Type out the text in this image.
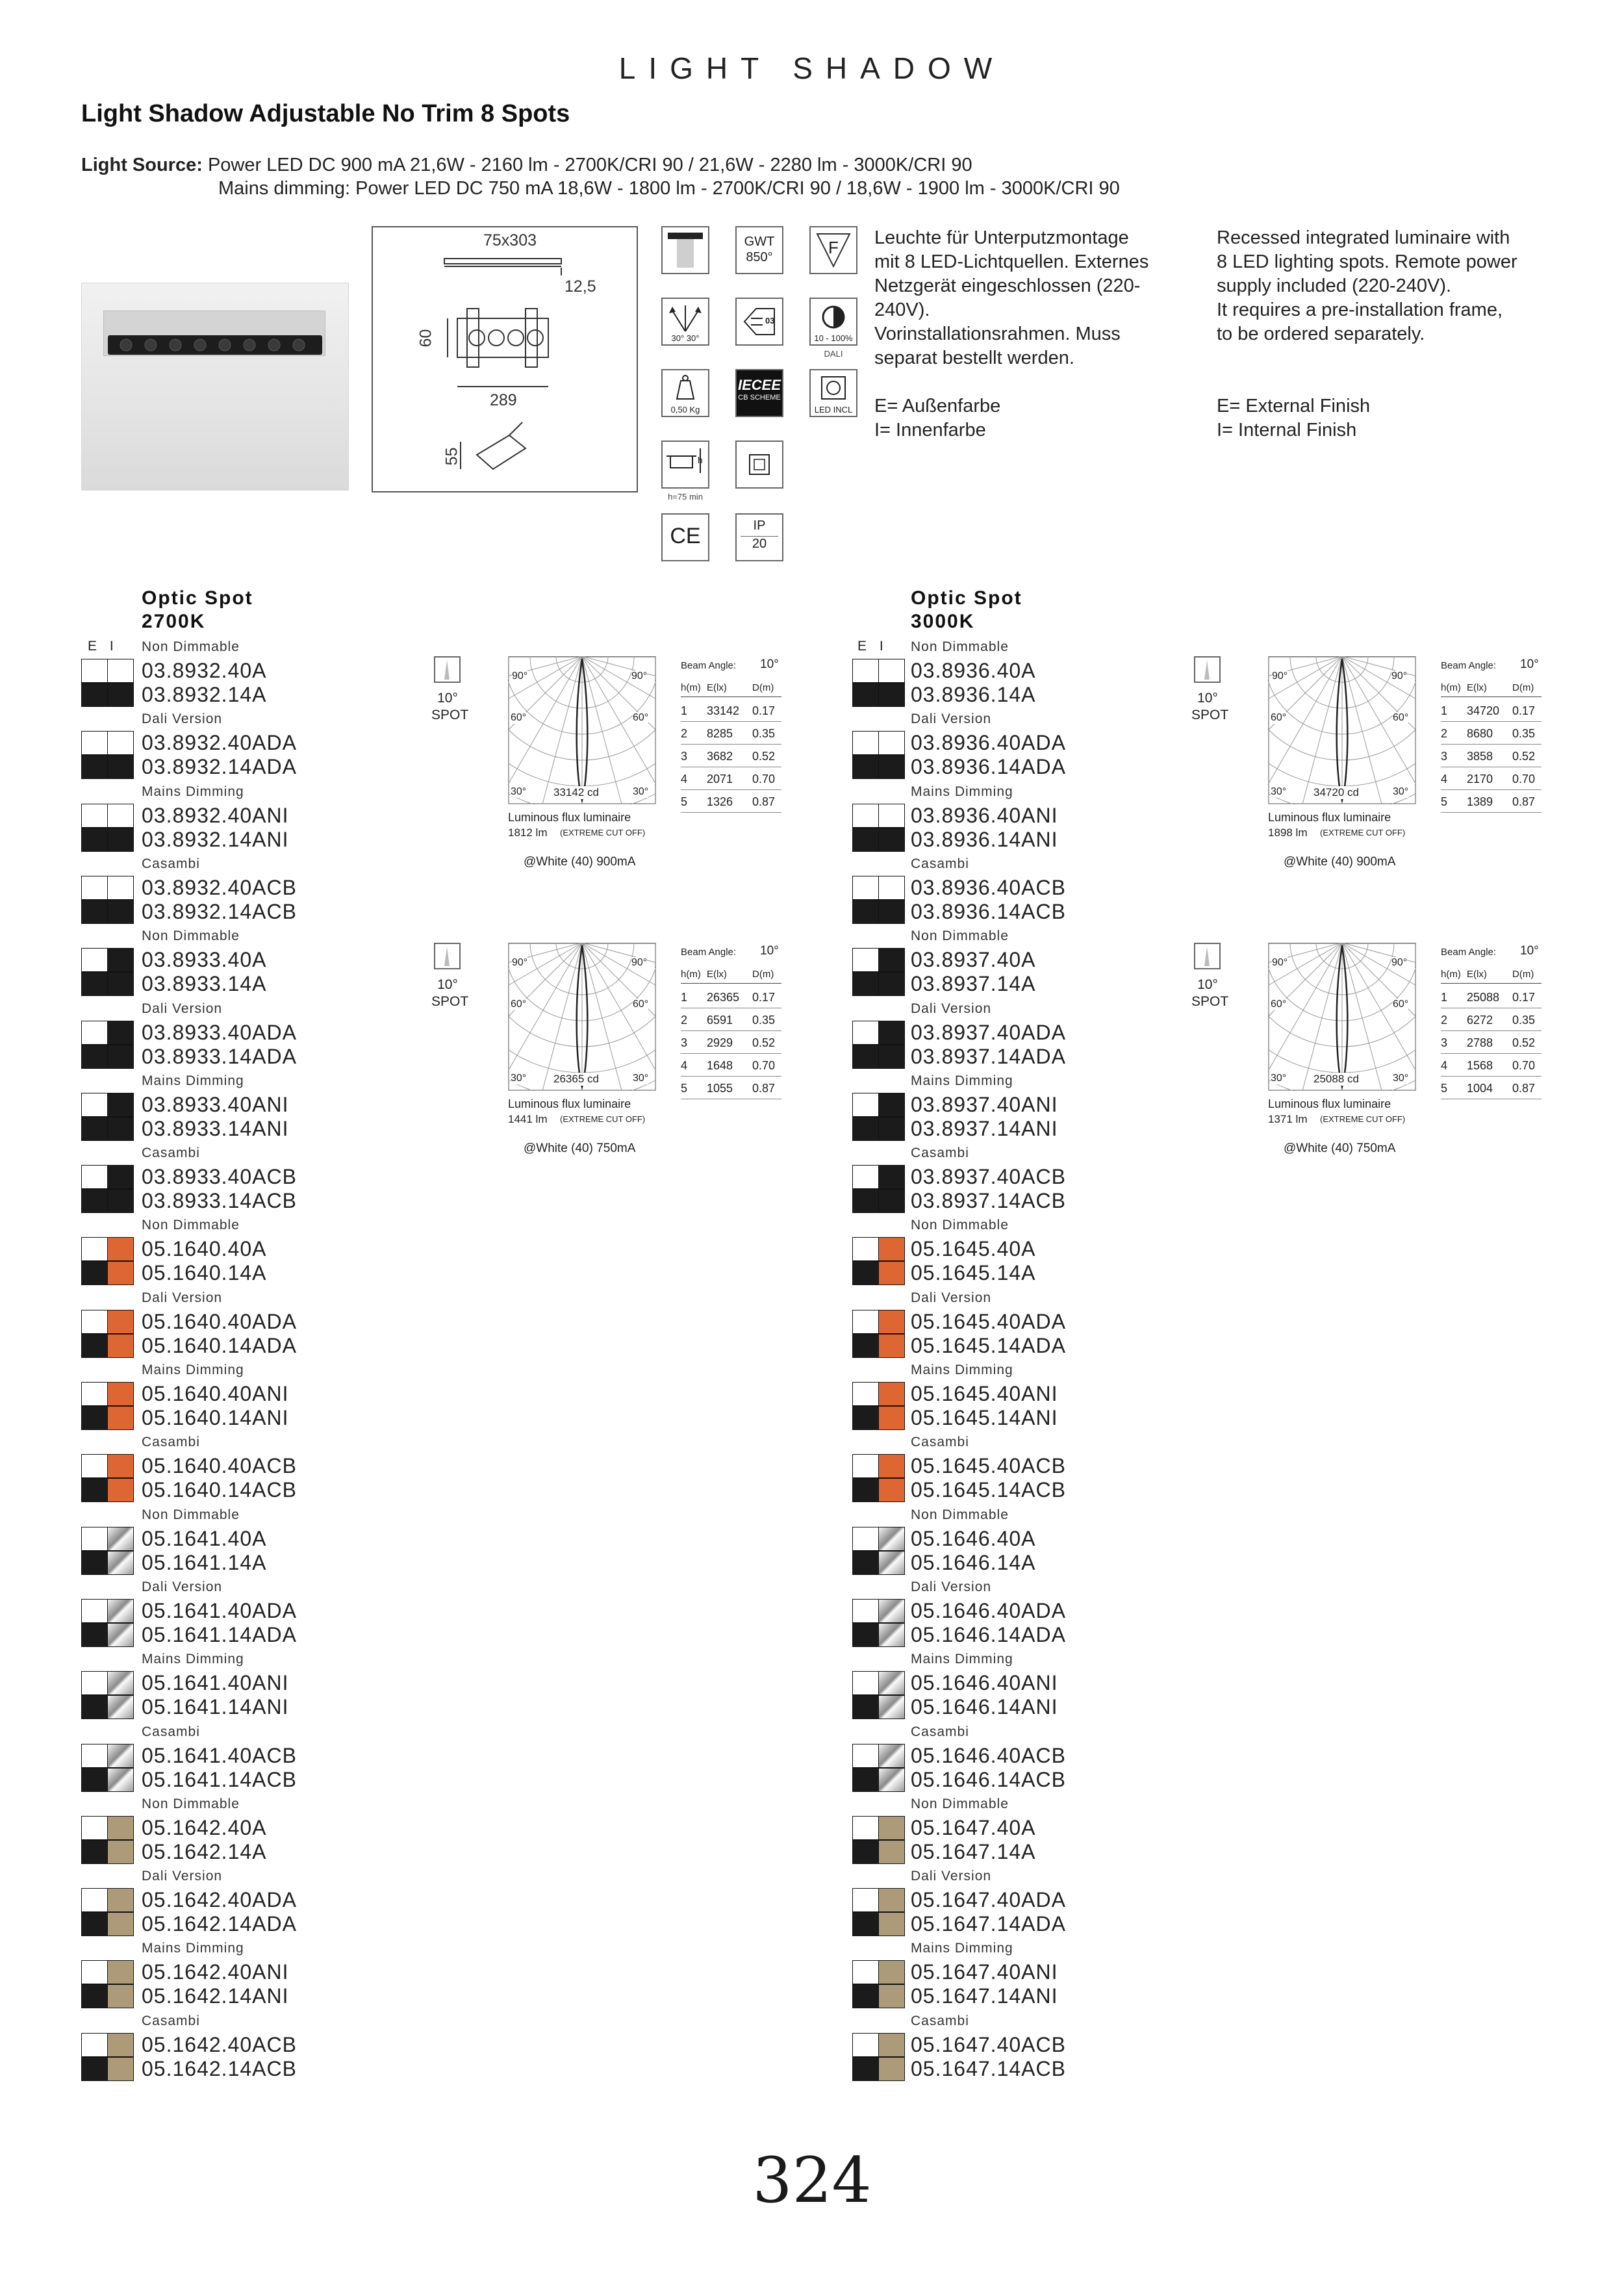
LIGHT SHADOW
Light Shadow Adjustable No Trim 8 Spots
Light Source: Power LED DC 900 mA 21,6W - 2160 lm - 2700K/CRI 90 / 21,6W - 2280 lm - 3000K/CRI 90
Mains dimming: Power LED DC 750 mA 18,6W - 1800 lm - 2700K/CRI 90 / 18,6W - 1900 lm - 3000K/CRI 90
75x303
12,5
60
289
55
GWT
850°	F
30° 30°
03
10 - 100%
DALI
0,50 Kg
IECEE
CB SCHEME
LED INCL
h
h=75 min
CE	IP
20
Leuchte für Unterputzmontage
mit 8 LED-Lichtquellen. Externes
Netzgerät eingeschlossen (220-
240V).
Vorinstallationsrahmen. Muss
separat bestellt werden.
E= Außenfarbe
I= Innenfarbe
Recessed integrated luminaire with
8 LED lighting spots. Remote power
supply included (220-240V).
It requires a pre-installation frame,
to be ordered separately.
E= External Finish
I= Internal Finish
Optic Spot
2700K
Optic Spot
3000K
E I	E I
Non Dimmable
03.8932.40A
03.8932.14A
Dali Version
03.8932.40ADA
03.8932.14ADA
Mains Dimming
03.8932.40ANI
03.8932.14ANI
Casambi
03.8932.40ACB
03.8932.14ACB
Non Dimmable
03.8933.40A
03.8933.14A
Dali Version
03.8933.40ADA
03.8933.14ADA
Mains Dimming
03.8933.40ANI
03.8933.14ANI
Casambi
03.8933.40ACB
03.8933.14ACB
Non Dimmable
05.1640.40A
05.1640.14A
Dali Version
05.1640.40ADA
05.1640.14ADA
Mains Dimming
05.1640.40ANI
05.1640.14ANI
Casambi
05.1640.40ACB
05.1640.14ACB
Non Dimmable
05.1641.40A
05.1641.14A
Dali Version
05.1641.40ADA
05.1641.14ADA
Mains Dimming
05.1641.40ANI
05.1641.14ANI
Casambi
05.1641.40ACB
05.1641.14ACB
Non Dimmable
05.1642.40A
05.1642.14A
Dali Version
05.1642.40ADA
05.1642.14ADA
Mains Dimming
05.1642.40ANI
05.1642.14ANI
Casambi
05.1642.40ACB
05.1642.14ACB
Non Dimmable
03.8936.40A
03.8936.14A
Dali Version
03.8936.40ADA
03.8936.14ADA
Mains Dimming
03.8936.40ANI
03.8936.14ANI
Casambi
03.8936.40ACB
03.8936.14ACB
Non Dimmable
03.8937.40A
03.8937.14A
Dali Version
03.8937.40ADA
03.8937.14ADA
Mains Dimming
03.8937.40ANI
03.8937.14ANI
Casambi
03.8937.40ACB
03.8937.14ACB
Non Dimmable
05.1645.40A
05.1645.14A
Dali Version
05.1645.40ADA
05.1645.14ADA
Mains Dimming
05.1645.40ANI
05.1645.14ANI
Casambi
05.1645.40ACB
05.1645.14ACB
Non Dimmable
05.1646.40A
05.1646.14A
Dali Version
05.1646.40ADA
05.1646.14ADA
Mains Dimming
05.1646.40ANI
05.1646.14ANI
Casambi
05.1646.40ACB
05.1646.14ACB
Non Dimmable
05.1647.40A
05.1647.14A
Dali Version
05.1647.40ADA
05.1647.14ADA
Mains Dimming
05.1647.40ANI
05.1647.14ANI
Casambi
05.1647.40ACB
05.1647.14ACB
10°
SPOT
90°	90°
60°	60°
30°	30°
33142 cd
Luminous flux luminaire
1812 lm (EXTREME CUT OFF)
@White (40) 900mA
Beam Angle: 10°
h(m) E(lx)	D(m)
1 33142 0.17
2 8285 0.35
3 3682 0.52
4 2071 0.70
5 1326 0.87
10°
SPOT
90°	90°
60°	60°
30°	30°
34720 cd
Luminous flux luminaire
1898 lm (EXTREME CUT OFF)
@White (40) 900mA
Beam Angle: 10°
h(m) E(lx)	D(m)
1 34720 0.17
2 8680 0.35
3 3858 0.52
4 2170 0.70
5 1389 0.87
10°
SPOT
90°	90°
60°	60°
30°	30°
26365 cd
Luminous flux luminaire
1441 lm (EXTREME CUT OFF)
@White (40) 750mA
Beam Angle: 10°
h(m) E(lx)	D(m)
1 26365 0.17
2 6591 0.35
3 2929 0.52
4 1648 0.70
5 1055 0.87
10°
SPOT
90°	90°
60°	60°
30°	30°
25088 cd
Luminous flux luminaire
1371 lm (EXTREME CUT OFF)
@White (40) 750mA
Beam Angle: 10°
h(m) E(lx)	D(m)
1 25088 0.17
2 6272 0.35
3 2788 0.52
4 1568 0.70
5 1004 0.87
324
